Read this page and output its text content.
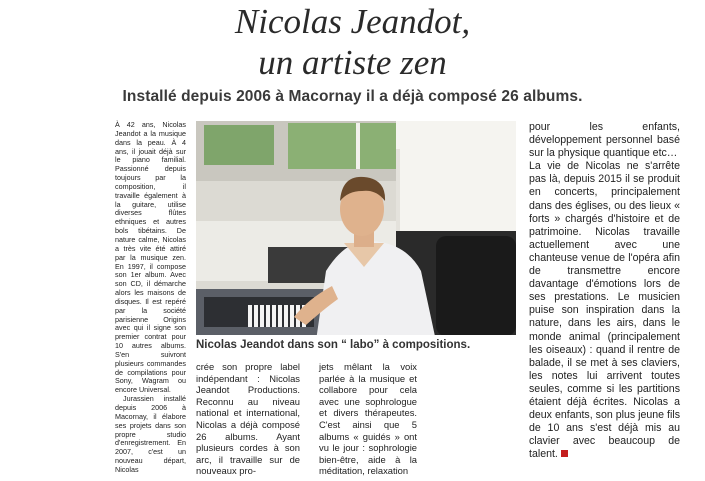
Nicolas Jeandot,
un artiste zen
Installé depuis 2006 à Macornay il a déjà composé 26 albums.

À 42 ans, Nicolas Jeandot a la musique dans la peau. À 4 ans, il jouait déjà sur le piano familial. Passionné depuis toujours par la composition, il travaille également à la guitare, utilise diverses flûtes ethniques et autres bols tibétains. De nature calme, Nicolas a très vite été attiré par la musique zen. En 1997, il compose son 1er album. Avec son CD, il démarche alors les maisons de disques. Il est repéré par la société parisienne Origins avec qui il signe son premier contrat pour 10 autres albums. S'en suivront plusieurs commandes de compilations pour Sony, Wagram ou encore Universal.

Jurassien installé depuis 2006 à Macornay, il élabore ses projets dans son propre studio d'enregistrement. En 2007, c'est un nouveau départ, Nicolas

Nicolas Jeandot dans son “ labo” à compositions.

crée son propre label indépendant : Nicolas Jeandot Productions. Reconnu au niveau national et international, Nicolas a déjà composé 26 albums. Ayant plusieurs cordes à son arc, il travaille sur de nouveaux pro-

jets mêlant la voix parlée à la musique et collabore pour cela avec une sophrologue et divers thérapeutes. C'est ainsi que 5 albums « guidés » ont vu le jour : sophrologie bien-être, aide à la méditation, relaxation

pour les enfants, développement personnel basé sur la physique quantique etc…

La vie de Nicolas ne s'arrête pas là, depuis 2015 il se produit en concerts, principalement dans des églises, ou des lieux « forts » chargés d'histoire et de patrimoine. Nicolas travaille actuellement avec une chanteuse venue de l'opéra afin de transmettre encore davantage d'émotions lors de ses prestations. Le musicien puise son inspiration dans la nature, dans les airs, dans le monde animal (principalement les oiseaux) : quand il rentre de balade, il se met à ses claviers, les notes lui arrivent toutes seules, comme si les partitions étaient déjà écrites. Nicolas a deux enfants, son plus jeune fils de 10 ans s'est déjà mis au clavier avec beaucoup de talent.
